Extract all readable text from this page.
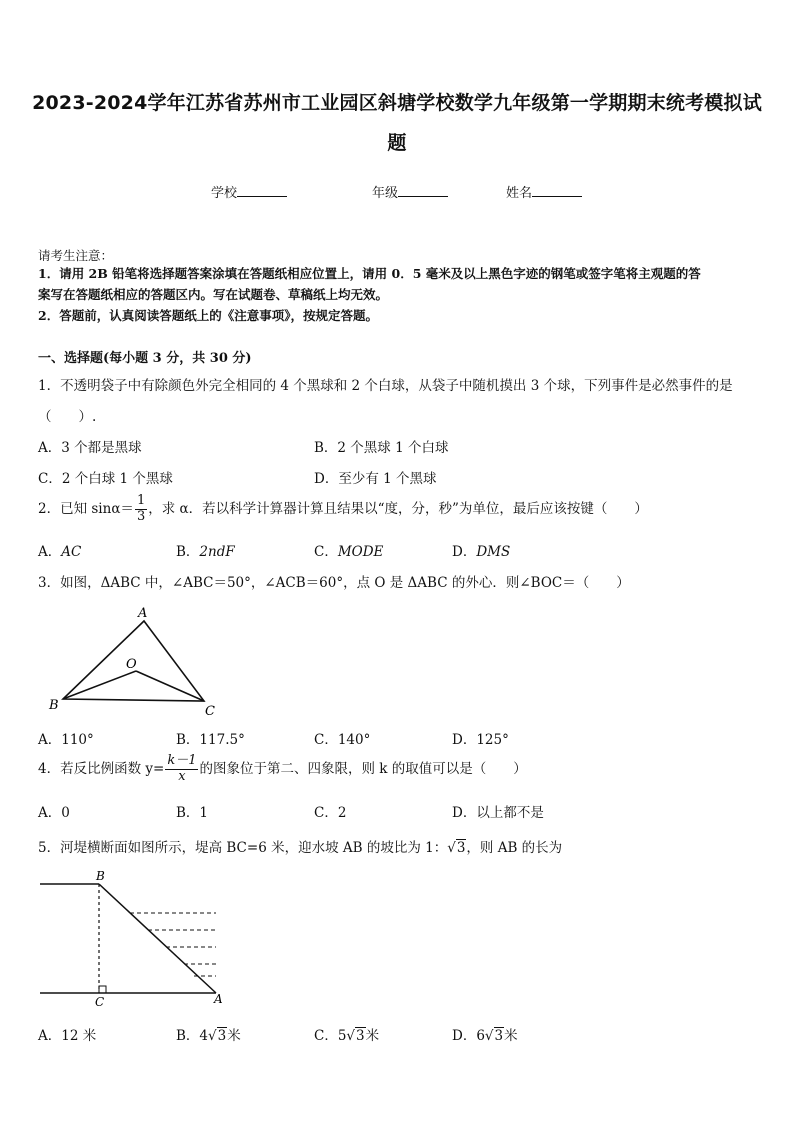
2023-2024学年江苏省苏州市工业园区斜塘学校数学九年级第一学期期末统考模拟试
题
学校	年级	姓名
请考生注意：
1．请用 2B 铅笔将选择题答案涂填在答题纸相应位置上，请用 0．5 毫米及以上黑色字迹的钢笔或签字笔将主观题的答
案写在答题纸相应的答题区内。写在试题卷、草稿纸上均无效。
2．答题前，认真阅读答题纸上的《注意事项》，按规定答题。
一、选择题(每小题 3 分，共 30 分)
1．不透明袋子中有除颜色外完全相同的 4 个黑球和 2 个白球，从袋子中随机摸出 3 个球，下列事件是必然事件的是
（　　）.
A．3 个都是黑球	B．2 个黑球 1 个白球
C．2 个白球 1 个黑球	D．至少有 1 个黑球
2．已知 $\sin\alpha= \frac{1}{3}$ ，求 α．若以科学计算器计算且结果以“度，分，秒”为单位，最后应该按键（　　）
A．AC	B．2ndF	C．MODE	D．DMS
3．如图，ΔABC 中，∠ABC＝50°，∠ACB＝60°，点 O 是 ΔABC 的外心．则∠BOC＝（　　）
A
O
B	C
A．110°	B．117.5°	C．140°	D．125°
4．若反比例函数 $y= \frac{k-1}{x}$ 的图象位于第二、四象限，则 k 的取值可以是（　　）
A．0	B．1	C．2	D．以上都不是
5．河堤横断面如图所示，堤高 BC=6 米，迎水坡 AB 的坡比为 1：√3，则 AB 的长为
B
C	A
A．12 米	B．4√3米	C．5√3米	D．6√3米
